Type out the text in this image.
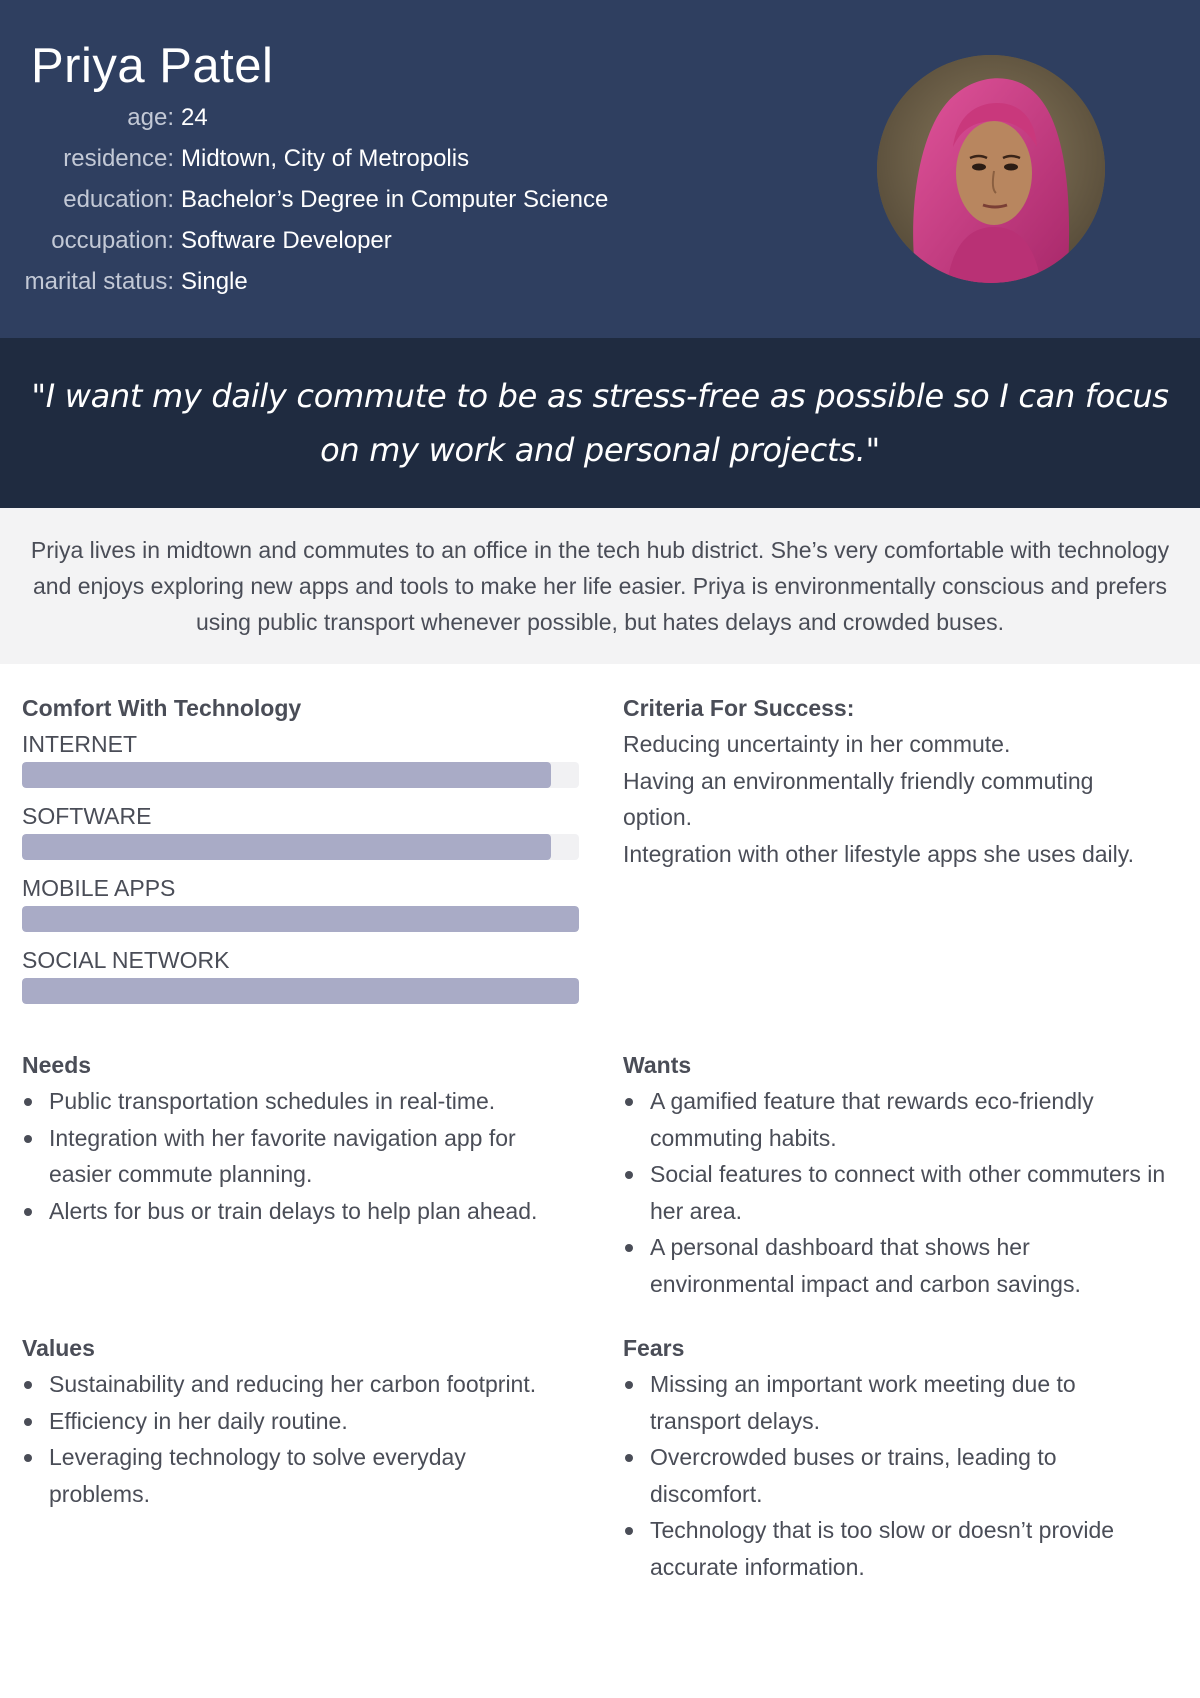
Priya Patel
age: 24
residence: Midtown, City of Metropolis
education: Bachelor’s Degree in Computer Science
occupation: Software Developer
marital status: Single
"I want my daily commute to be as stress-free as possible so I can focus on my work and personal projects."
Priya lives in midtown and commutes to an office in the tech hub district. She’s very comfortable with technology and enjoys exploring new apps and tools to make her life easier. Priya is environmentally conscious and prefers using public transport whenever possible, but hates delays and crowded buses.
Comfort With Technology
INTERNET
SOFTWARE
MOBILE APPS
SOCIAL NETWORK
Criteria For Success:
Reducing uncertainty in her commute.
Having an environmentally friendly commuting
option.
Integration with other lifestyle apps she uses daily.
Needs
Public transportation schedules in real-time.
Integration with her favorite navigation app for easier commute planning.
Alerts for bus or train delays to help plan ahead.
Wants
A gamified feature that rewards eco-friendly commuting habits.
Social features to connect with other commuters in her area.
A personal dashboard that shows her environmental impact and carbon savings.
Values
Sustainability and reducing her carbon footprint.
Efficiency in her daily routine.
Leveraging technology to solve everyday problems.
Fears
Missing an important work meeting due to transport delays.
Overcrowded buses or trains, leading to discomfort.
Technology that is too slow or doesn’t provide accurate information.
